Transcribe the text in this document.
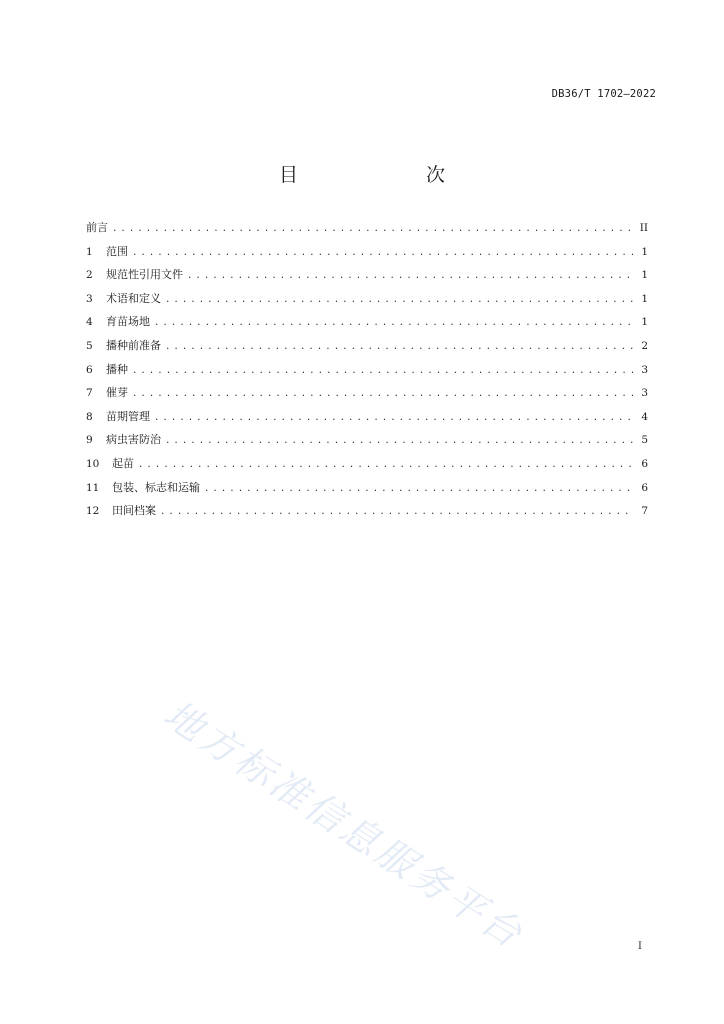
DB36/T 1702—2022
目　　次
前言 . . .	II
1	范围 . . .	1
2	规范性引用文件 . . .	1
3	术语和定义 . . .	1
4	育苗场地 . . .	1
5	播种前准备 . . .	2
6	播种 . . .	3
7	催芽 . . .	3
8	苗期管理 . . .	4
9	病虫害防治 . . .	5
10	起苗 . . .	6
11	包装、标志和运输 . . .	6
12	田间档案 . . .	7
地方标准信息服务平台	I
